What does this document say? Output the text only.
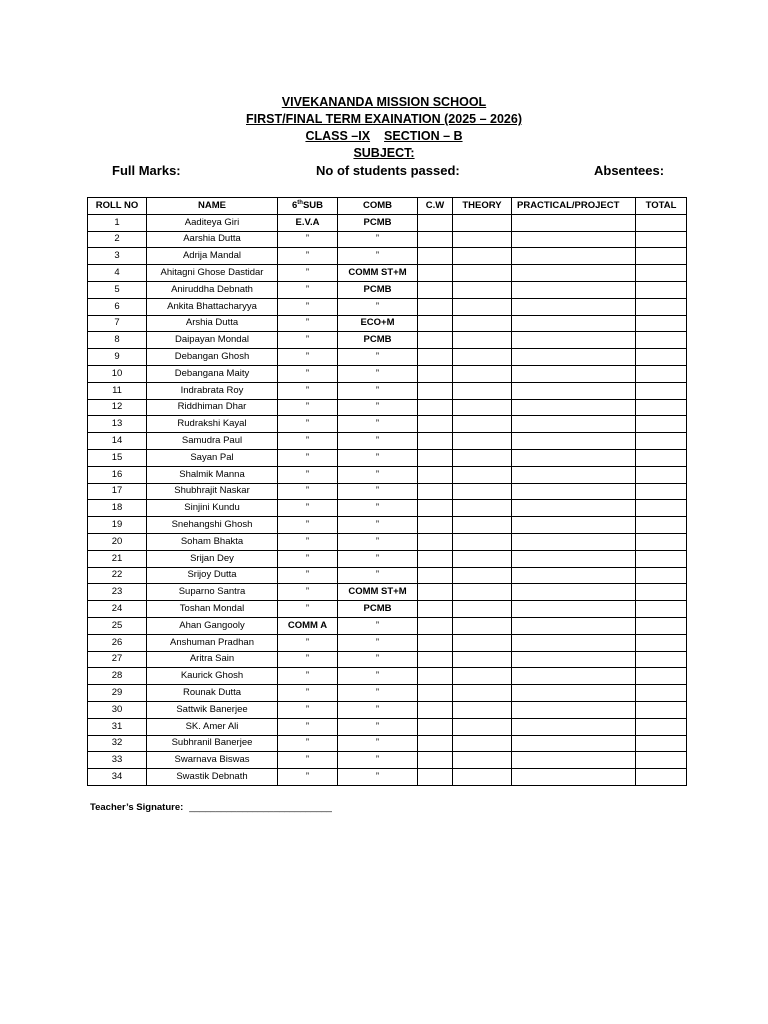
VIVEKANANDA MISSION SCHOOL
FIRST/FINAL TERM EXAINATION (2025 – 2026)
CLASS –IX SECTION – B
SUBJECT:
Full Marks:	No of students passed:	Absentees:
ROLL NO	NAME	6thSUB	COMB	C.W	THEORY	PRACTICAL/PROJECT	TOTAL
1	Aaditeya Giri	E.V.A	PCMB				
2	Aarshia Dutta	”	”				
3	Adrija Mandal	”	”				
4	Ahitagni Ghose Dastidar	”	COMM ST+M				
5	Aniruddha Debnath	”	PCMB				
6	Ankita Bhattacharyya	”	”				
7	Arshia Dutta	”	ECO+M				
8	Daipayan Mondal	”	PCMB				
9	Debangan Ghosh	”	”				
10	Debangana Maity	”	”				
11	Indrabrata Roy	”	”				
12	Riddhiman Dhar	”	”				
13	Rudrakshi Kayal	”	”				
14	Samudra Paul	”	”				
15	Sayan Pal	”	”				
16	Shalmik Manna	”	”				
17	Shubhrajit Naskar	”	”				
18	Sinjini Kundu	”	”				
19	Snehangshi Ghosh	”	”				
20	Soham Bhakta	”	”				
21	Srijan Dey	”	”				
22	Srijoy Dutta	”	”				
23	Suparno Santra	”	COMM ST+M				
24	Toshan Mondal	”	PCMB				
25	Ahan Gangooly	COMM A	”				
26	Anshuman Pradhan	”	”				
27	Aritra Sain	”	”				
28	Kaurick Ghosh	”	”				
29	Rounak Dutta	”	”				
30	Sattwik Banerjee	”	”				
31	SK. Amer Ali	”	”				
32	Subhranil Banerjee	”	”				
33	Swarnava Biswas	”	”				
34	Swastik Debnath	”	”				
Teacher’s Signature: ___________________________
